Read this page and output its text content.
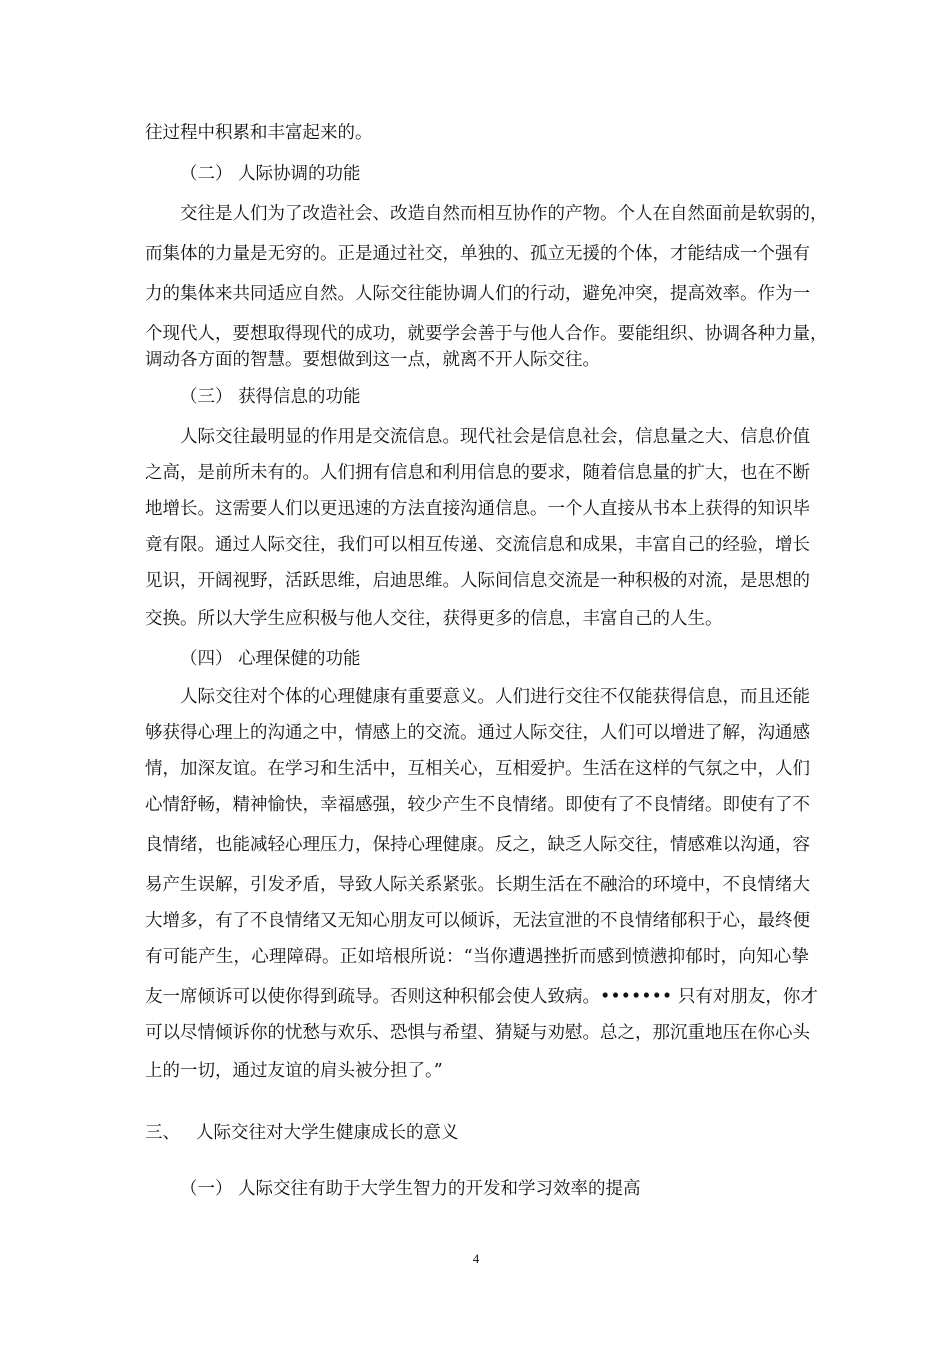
往过程中积累和丰富起来的。
（二） 人际协调的功能
交往是人们为了改造社会、改造自然而相互协作的产物。个人在自然面前是软弱的，
而集体的力量是无穷的。正是通过社交，单独的、孤立无援的个体，才能结成一个强有
力的集体来共同适应自然。人际交往能协调人们的行动，避免冲突，提高效率。作为一
个现代人，要想取得现代的成功，就要学会善于与他人合作。要能组织、协调各种力量，
调动各方面的智慧。要想做到这一点，就离不开人际交往。
（三） 获得信息的功能
人际交往最明显的作用是交流信息。现代社会是信息社会，信息量之大、信息价值
之高，是前所未有的。人们拥有信息和利用信息的要求，随着信息量的扩大，也在不断
地增长。这需要人们以更迅速的方法直接沟通信息。一个人直接从书本上获得的知识毕
竟有限。通过人际交往，我们可以相互传递、交流信息和成果，丰富自己的经验，增长
见识，开阔视野，活跃思维，启迪思维。人际间信息交流是一种积极的对流，是思想的
交换。所以大学生应积极与他人交往，获得更多的信息，丰富自己的人生。
（四） 心理保健的功能
人际交往对个体的心理健康有重要意义。人们进行交往不仅能获得信息，而且还能
够获得心理上的沟通之中，情感上的交流。通过人际交往，人们可以增进了解，沟通感
情，加深友谊。在学习和生活中，互相关心，互相爱护。生活在这样的气氛之中，人们
心情舒畅，精神愉快，幸福感强，较少产生不良情绪。即使有了不良情绪。即使有了不
良情绪，也能减轻心理压力，保持心理健康。反之，缺乏人际交往，情感难以沟通，容
易产生误解，引发矛盾，导致人际关系紧张。长期生活在不融洽的环境中，不良情绪大
大增多，有了不良情绪又无知心朋友可以倾诉，无法宣泄的不良情绪郁积于心，最终便
有可能产生，心理障碍。正如培根所说：“当你遭遇挫折而感到愤懑抑郁时，向知心挚
友一席倾诉可以使你得到疏导。否则这种积郁会使人致病。••••••• 只有对朋友，你才
可以尽情倾诉你的忧愁与欢乐、恐惧与希望、猜疑与劝慰。总之，那沉重地压在你心头
上的一切，通过友谊的肩头被分担了。”
三、 人际交往对大学生健康成长的意义
（一） 人际交往有助于大学生智力的开发和学习效率的提高
4
